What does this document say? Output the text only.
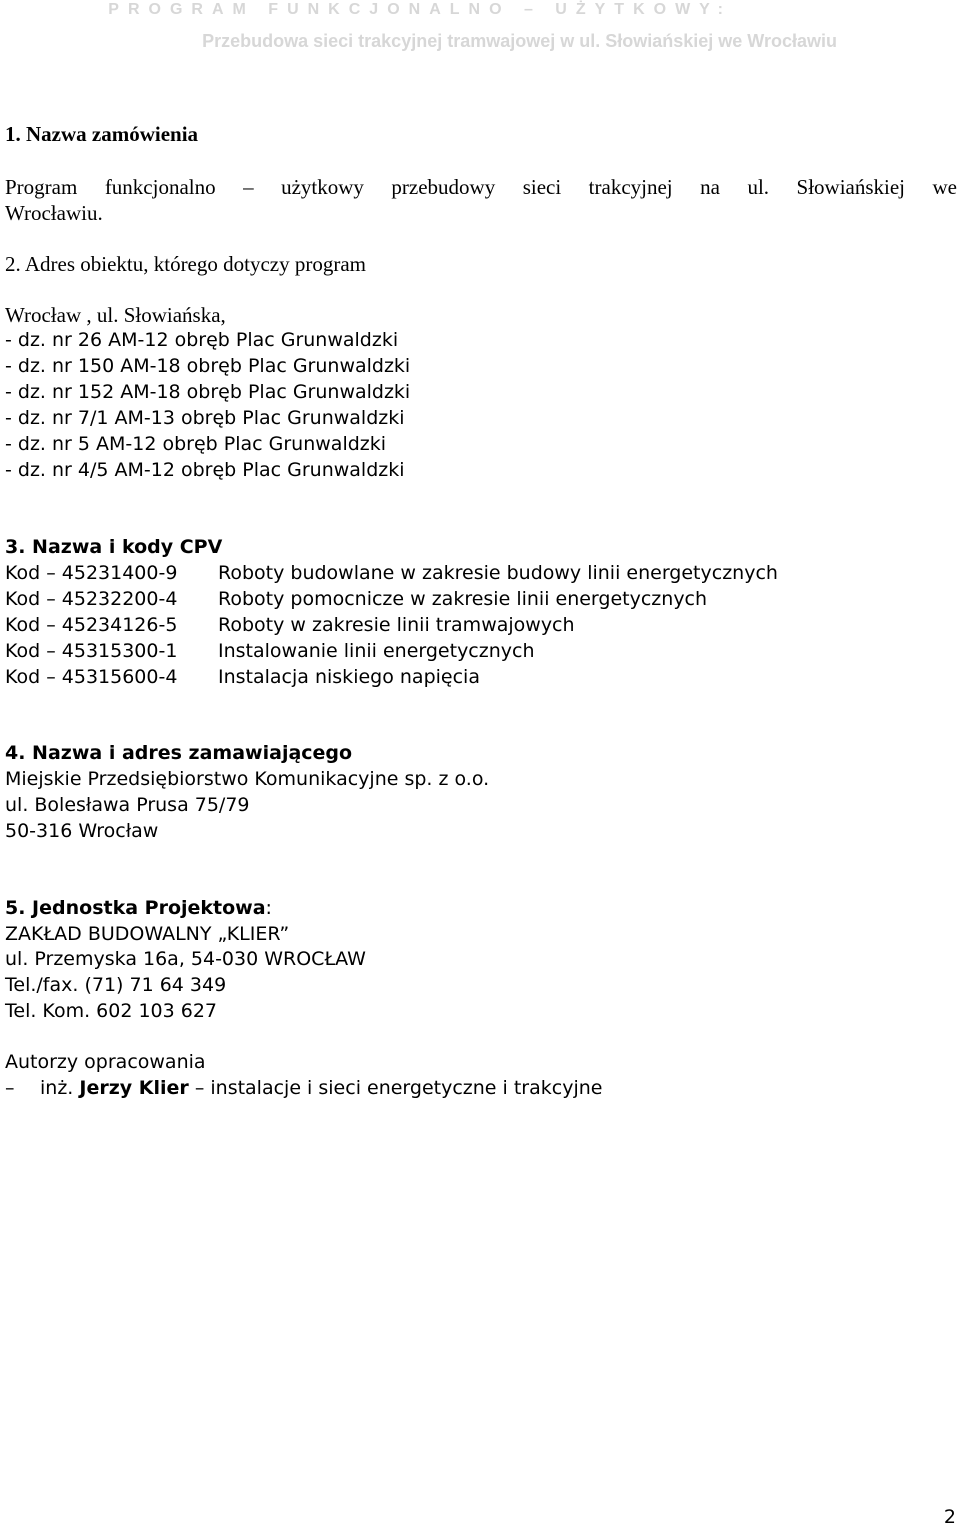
PROGRAM FUNKCJONALNO – UŻYTKOWY:
Przebudowa sieci trakcyjnej tramwajowej w ul. Słowiańskiej we Wrocławiu
1. Nazwa zamówienia
Program funkcjonalno – użytkowy przebudowy sieci trakcyjnej na ul. Słowiańskiej we
Wrocławiu.
2. Adres obiektu, którego dotyczy program
Wrocław , ul. Słowiańska,
- dz. nr 26 AM-12 obręb Plac Grunwaldzki
- dz. nr 150 AM-18 obręb Plac Grunwaldzki
- dz. nr 152 AM-18 obręb Plac Grunwaldzki
- dz. nr 7/1 AM-13 obręb Plac Grunwaldzki
- dz. nr 5 AM-12 obręb Plac Grunwaldzki
- dz. nr 4/5 AM-12 obręb Plac Grunwaldzki
3. Nazwa i kody CPV
Kod – 45231400-9 Roboty budowlane w zakresie budowy linii energetycznych
Kod – 45232200-4 Roboty pomocnicze w zakresie linii energetycznych
Kod – 45234126-5 Roboty w zakresie linii tramwajowych
Kod – 45315300-1 Instalowanie linii energetycznych
Kod – 45315600-4 Instalacja niskiego napięcia
4. Nazwa i adres zamawiającego
Miejskie Przedsiębiorstwo Komunikacyjne sp. z o.o.
ul. Bolesława Prusa 75/79
50-316 Wrocław
5. Jednostka Projektowa:
ZAKŁAD BUDOWALNY „KLIER”
ul. Przemyska 16a, 54-030 WROCŁAW
Tel./fax. (71) 71 64 349
Tel. Kom. 602 103 627
Autorzy opracowania
– inż. Jerzy Klier – instalacje i sieci energetyczne i trakcyjne
2
